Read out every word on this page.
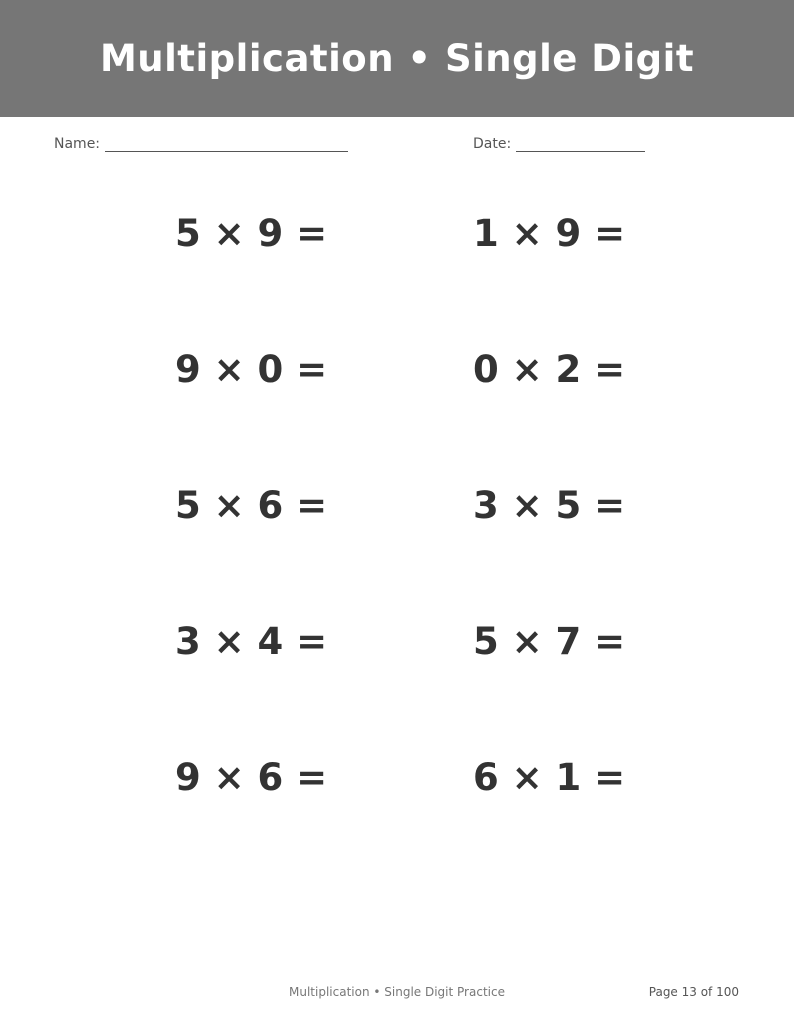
Multiplication • Single Digit
Name:	Date:
5 × 9 =	1 × 9 =
9 × 0 =	0 × 2 =
5 × 6 =	3 × 5 =
3 × 4 =	5 × 7 =
9 × 6 =	6 × 1 =
Multiplication • Single Digit Practice	Page 13 of 100
